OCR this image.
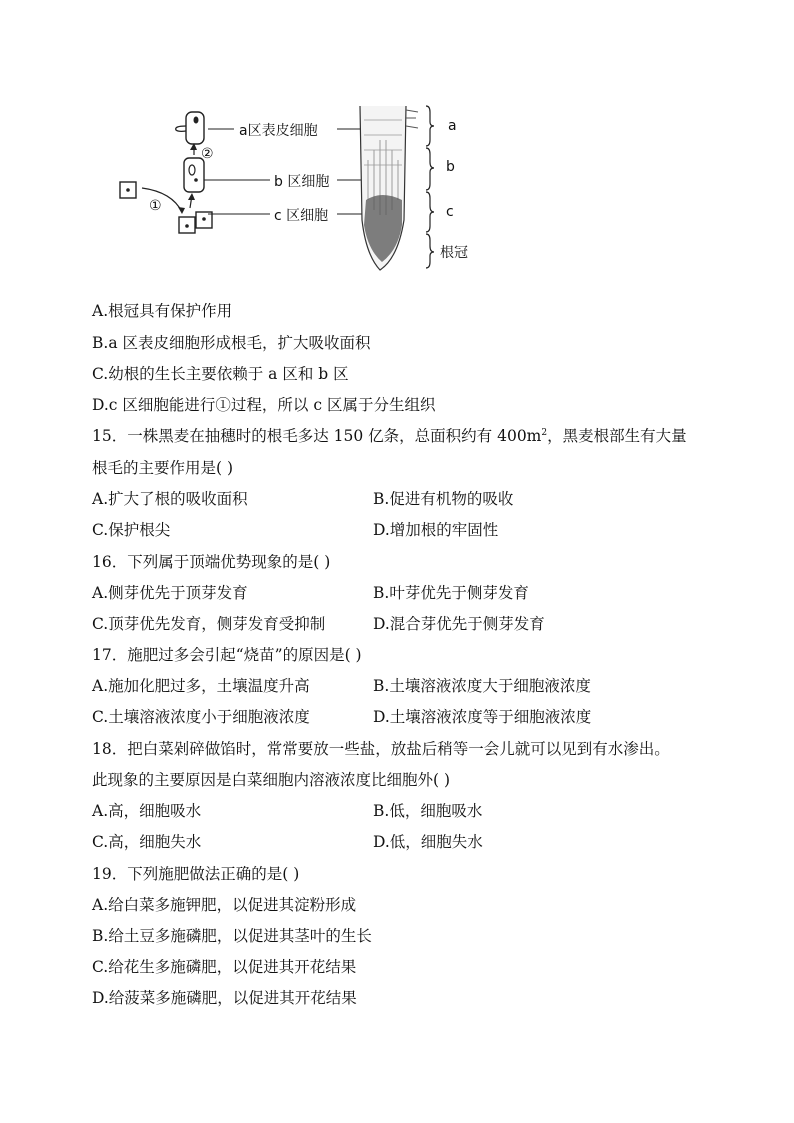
①
②
a区表皮细胞
b 区细胞
c 区细胞
a
b
c
根冠
A.根冠具有保护作用
B.a 区表皮细胞形成根毛，扩大吸收面积
C.幼根的生长主要依赖于 a 区和 b 区
D.c 区细胞能进行①过程，所以 c 区属于分生组织
15．一株黑麦在抽穗时的根毛多达 150 亿条，总面积约有 $400m^2$，黑麦根部生有大量
根毛的主要作用是( )
A.扩大了根的吸收面积	B.促进有机物的吸收
C.保护根尖	D.增加根的牢固性
16．下列属于顶端优势现象的是( )
A.侧芽优先于顶芽发育	B.叶芽优先于侧芽发育
C.顶芽优先发育，侧芽发育受抑制	D.混合芽优先于侧芽发育
17．施肥过多会引起“烧苗”的原因是( )
A.施加化肥过多，土壤温度升高	B.土壤溶液浓度大于细胞液浓度
C.土壤溶液浓度小于细胞液浓度	D.土壤溶液浓度等于细胞液浓度
18．把白菜剁碎做馅时，常常要放一些盐，放盐后稍等一会儿就可以见到有水渗出。
此现象的主要原因是白菜细胞内溶液浓度比细胞外( )
A.高，细胞吸水	B.低，细胞吸水
C.高，细胞失水	D.低，细胞失水
19．下列施肥做法正确的是( )
A.给白菜多施钾肥，以促进其淀粉形成
B.给土豆多施磷肥，以促进其茎叶的生长
C.给花生多施磷肥，以促进其开花结果
D.给菠菜多施磷肥，以促进其开花结果
